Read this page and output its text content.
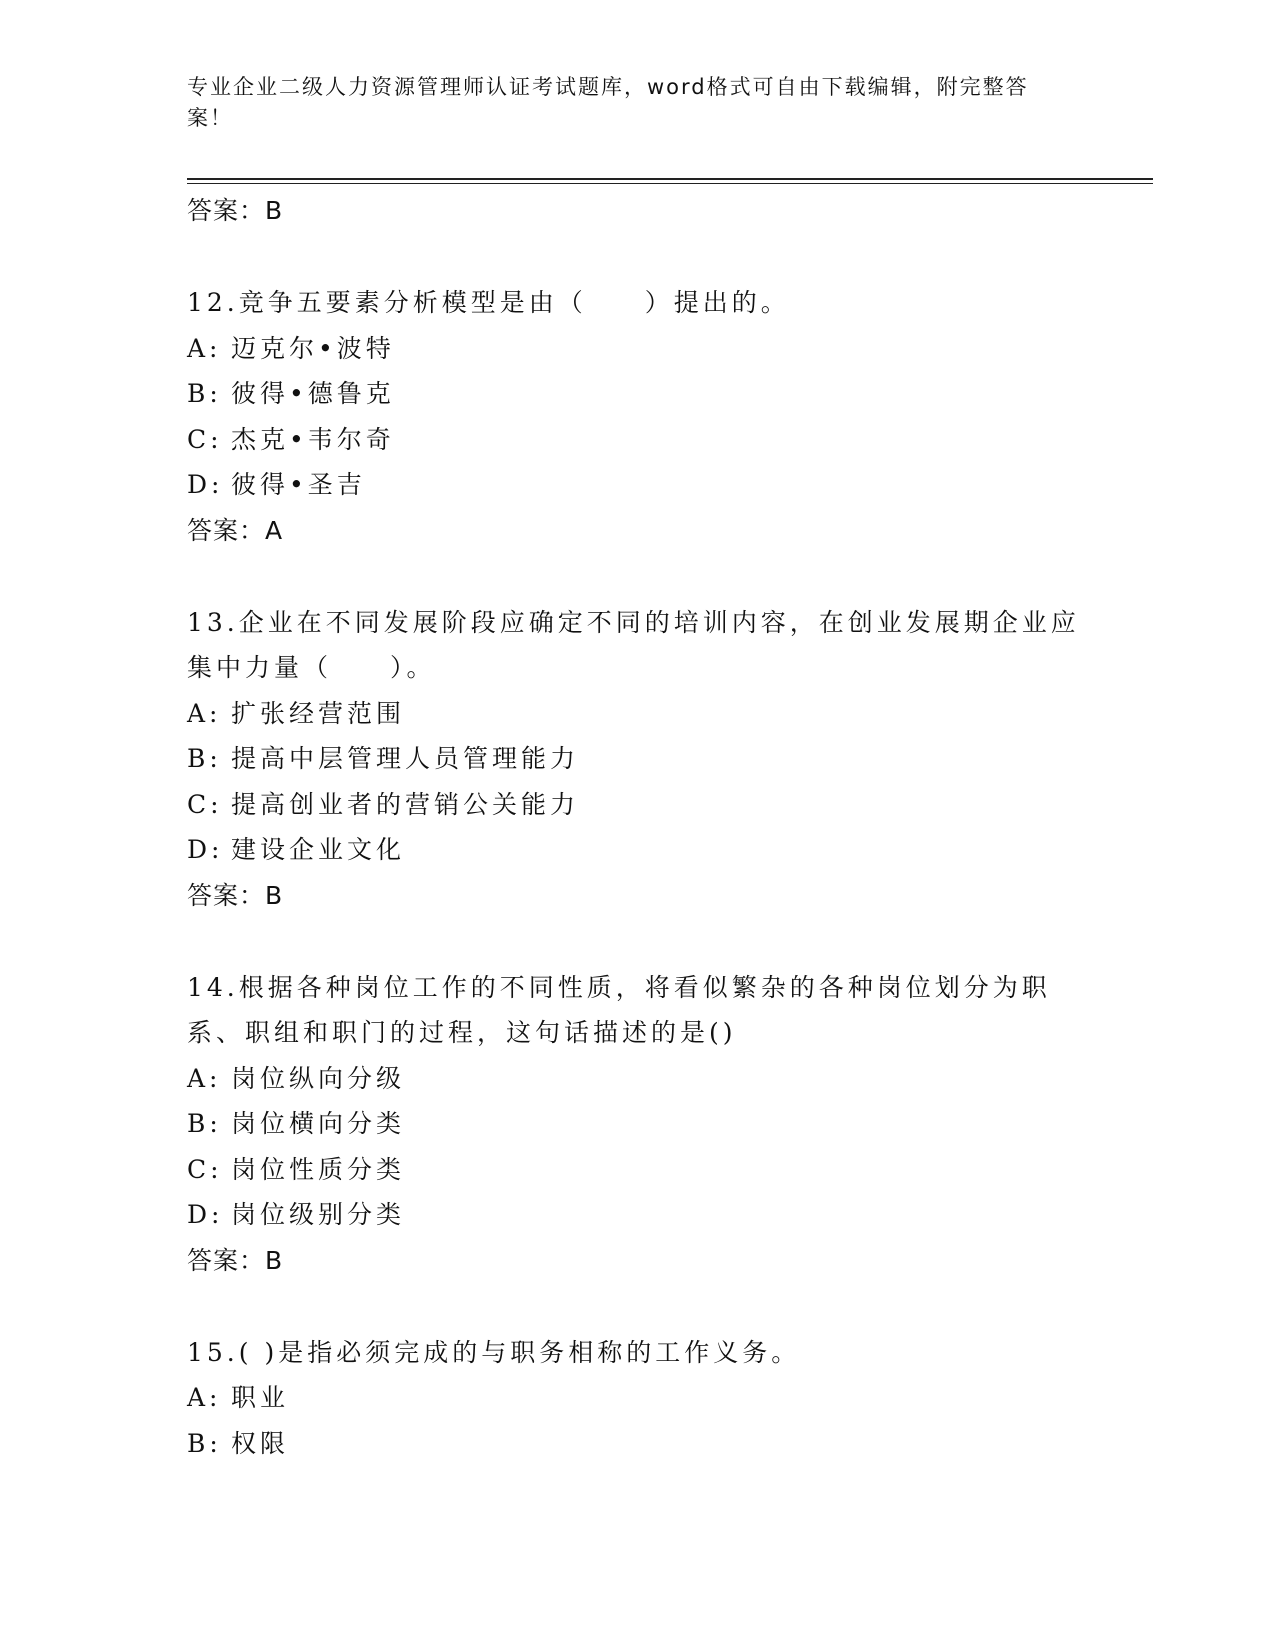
专业企业二级人力资源管理师认证考试题库，word格式可自由下载编辑，附完整答案！
答案：B
12.竞争五要素分析模型是由（　　）提出的。
A: 迈克尔•波特
B: 彼得•德鲁克
C: 杰克•韦尔奇
D: 彼得•圣吉
答案：A
13.企业在不同发展阶段应确定不同的培训内容，在创业发展期企业应集中力量（　　）。
A: 扩张经营范围
B: 提高中层管理人员管理能力
C: 提高创业者的营销公关能力
D: 建设企业文化
答案：B
14.根据各种岗位工作的不同性质，将看似繁杂的各种岗位划分为职系、职组和职门的过程，这句话描述的是()
A: 岗位纵向分级
B: 岗位横向分类
C: 岗位性质分类
D: 岗位级别分类
答案：B
15.( )是指必须完成的与职务相称的工作义务。
A: 职业
B: 权限
